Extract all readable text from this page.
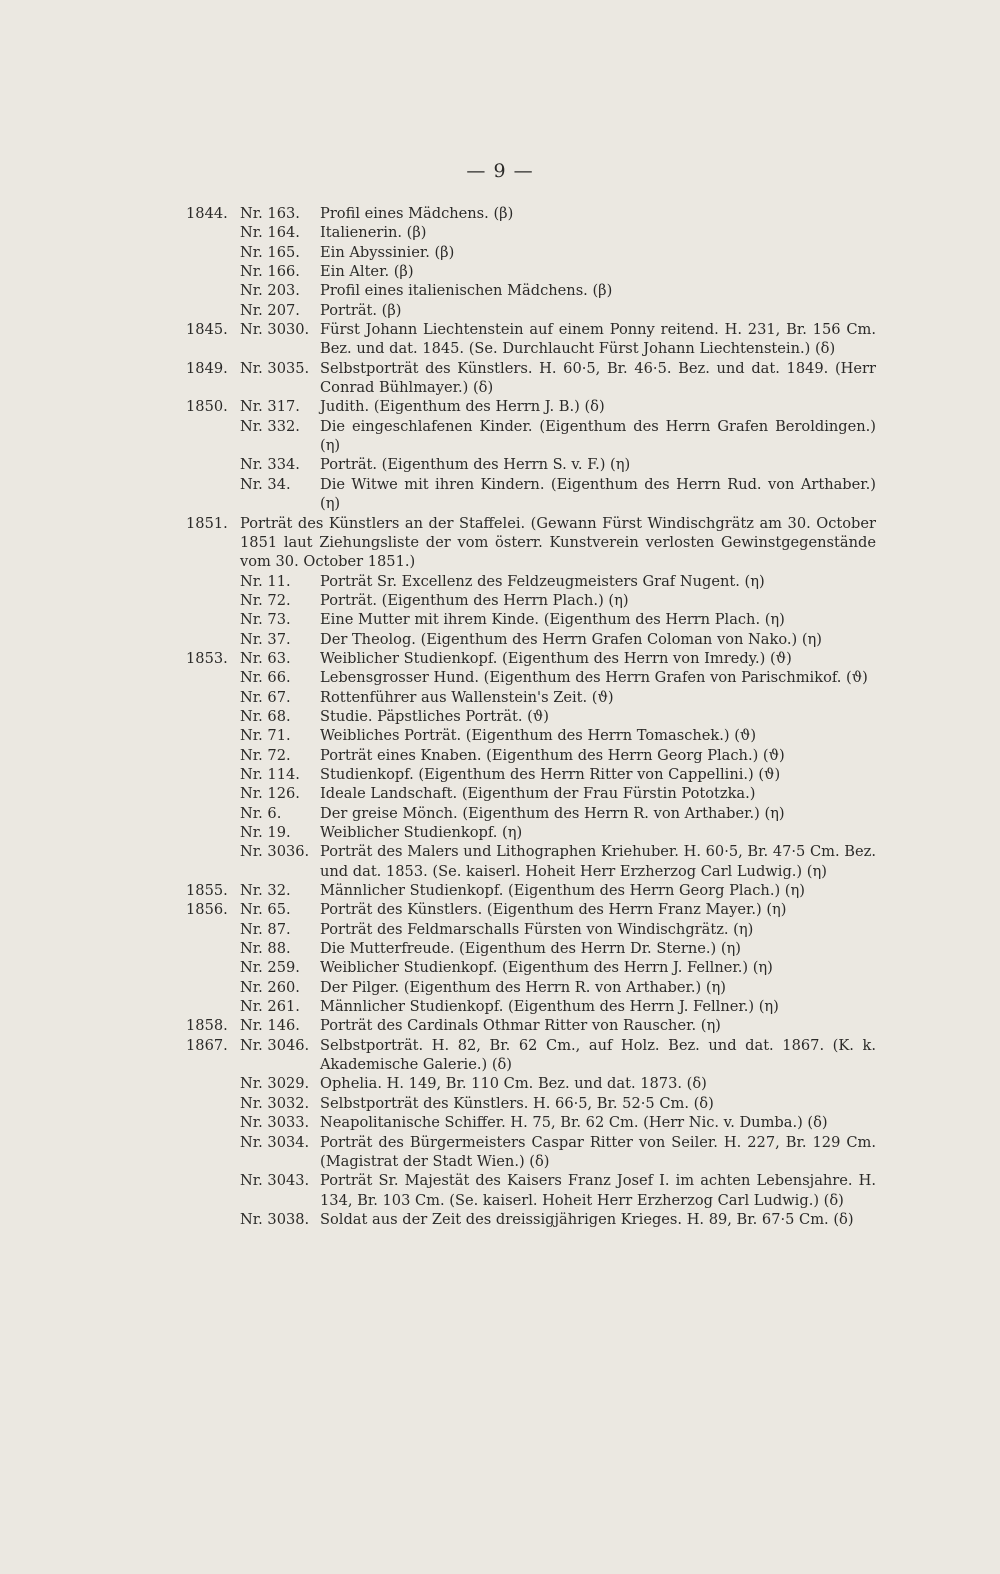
— 9 —
1844. Nr. 163. Profil eines Mädchens. (β)
Nr. 164. Italienerin. (β)
Nr. 165. Ein Abyssinier. (β)
Nr. 166. Ein Alter. (β)
Nr. 203. Profil eines italienischen Mädchens. (β)
Nr. 207. Porträt. (β)
1845. Nr. 3030. Fürst Johann Liechtenstein auf einem Ponny reitend. H. 231, Br. 156 Cm. Bez. und dat. 1845. (Se. Durchlaucht Fürst Johann Liechtenstein.) (δ)
1849. Nr. 3035. Selbstporträt des Künstlers. H. 60·5, Br. 46·5. Bez. und dat. 1849. (Herr Conrad Bühlmayer.) (δ)
1850. Nr. 317. Judith. (Eigenthum des Herrn J. B.) (δ)
Nr. 332. Die eingeschlafenen Kinder. (Eigenthum des Herrn Grafen Beroldingen.) (η)
Nr. 334. Porträt. (Eigenthum des Herrn S. v. F.) (η)
Nr. 34. Die Witwe mit ihren Kindern. (Eigenthum des Herrn Rud. von Arthaber.) (η)
1851. Porträt des Künstlers an der Staffelei. (Gewann Fürst Windischgrätz am 30. October 1851 laut Ziehungsliste der vom österr. Kunstverein verlosten Gewinstgegenstände vom 30. October 1851.)
Nr. 11. Porträt Sr. Excellenz des Feldzeugmeisters Graf Nugent. (η)
Nr. 72. Porträt. (Eigenthum des Herrn Plach.) (η)
Nr. 73. Eine Mutter mit ihrem Kinde. (Eigenthum des Herrn Plach. (η)
Nr. 37. Der Theolog. (Eigenthum des Herrn Grafen Coloman von Nako.) (η)
1853. Nr. 63. Weiblicher Studienkopf. (Eigenthum des Herrn von Imredy.) (ϑ)
Nr. 66. Lebensgrosser Hund. (Eigenthum des Herrn Grafen von Parischmikof. (ϑ)
Nr. 67. Rottenführer aus Wallenstein's Zeit. (ϑ)
Nr. 68. Studie. Päpstliches Porträt. (ϑ)
Nr. 71. Weibliches Porträt. (Eigenthum des Herrn Tomaschek.) (ϑ)
Nr. 72. Porträt eines Knaben. (Eigenthum des Herrn Georg Plach.) (ϑ)
Nr. 114. Studienkopf. (Eigenthum des Herrn Ritter von Cappellini.) (ϑ)
Nr. 126. Ideale Landschaft. (Eigenthum der Frau Fürstin Pototzka.)
Nr. 6.	Der greise Mönch. (Eigenthum des Herrn R. von Arthaber.) (η)
Nr. 19. Weiblicher Studienkopf. (η)
Nr. 3036. Porträt des Malers und Lithographen Kriehuber. H. 60·5, Br. 47·5 Cm. Bez. und dat. 1853. (Se. kaiserl. Hoheit Herr Erzherzog Carl Ludwig.) (η)
1855. Nr. 32. Männlicher Studienkopf. (Eigenthum des Herrn Georg Plach.) (η)
1856. Nr. 65. Porträt des Künstlers. (Eigenthum des Herrn Franz Mayer.) (η)
Nr. 87. Porträt des Feldmarschalls Fürsten von Windischgrätz. (η)
Nr. 88. Die Mutterfreude. (Eigenthum des Herrn Dr. Sterne.) (η)
Nr. 259. Weiblicher Studienkopf. (Eigenthum des Herrn J. Fellner.) (η)
Nr. 260. Der Pilger. (Eigenthum des Herrn R. von Arthaber.) (η)
Nr. 261. Männlicher Studienkopf. (Eigenthum des Herrn J. Fellner.) (η)
1858. Nr. 146. Porträt des Cardinals Othmar Ritter von Rauscher. (η)
1867. Nr. 3046. Selbstporträt. H. 82, Br. 62 Cm., auf Holz. Bez. und dat. 1867. (K. k. Akademische Galerie.) (δ)
Nr. 3029. Ophelia. H. 149, Br. 110 Cm. Bez. und dat. 1873. (δ)
Nr. 3032. Selbstporträt des Künstlers. H. 66·5, Br. 52·5 Cm. (δ)
Nr. 3033. Neapolitanische Schiffer. H. 75, Br. 62 Cm. (Herr Nic. v. Dumba.) (δ)
Nr. 3034. Porträt des Bürgermeisters Caspar Ritter von Seiler. H. 227, Br. 129 Cm. (Magistrat der Stadt Wien.) (δ)
Nr. 3043. Porträt Sr. Majestät des Kaisers Franz Josef I. im achten Lebensjahre. H. 134, Br. 103 Cm. (Se. kaiserl. Hoheit Herr Erzherzog Carl Ludwig.) (δ)
Nr. 3038. Soldat aus der Zeit des dreissigjährigen Krieges. H. 89, Br. 67·5 Cm. (δ)
